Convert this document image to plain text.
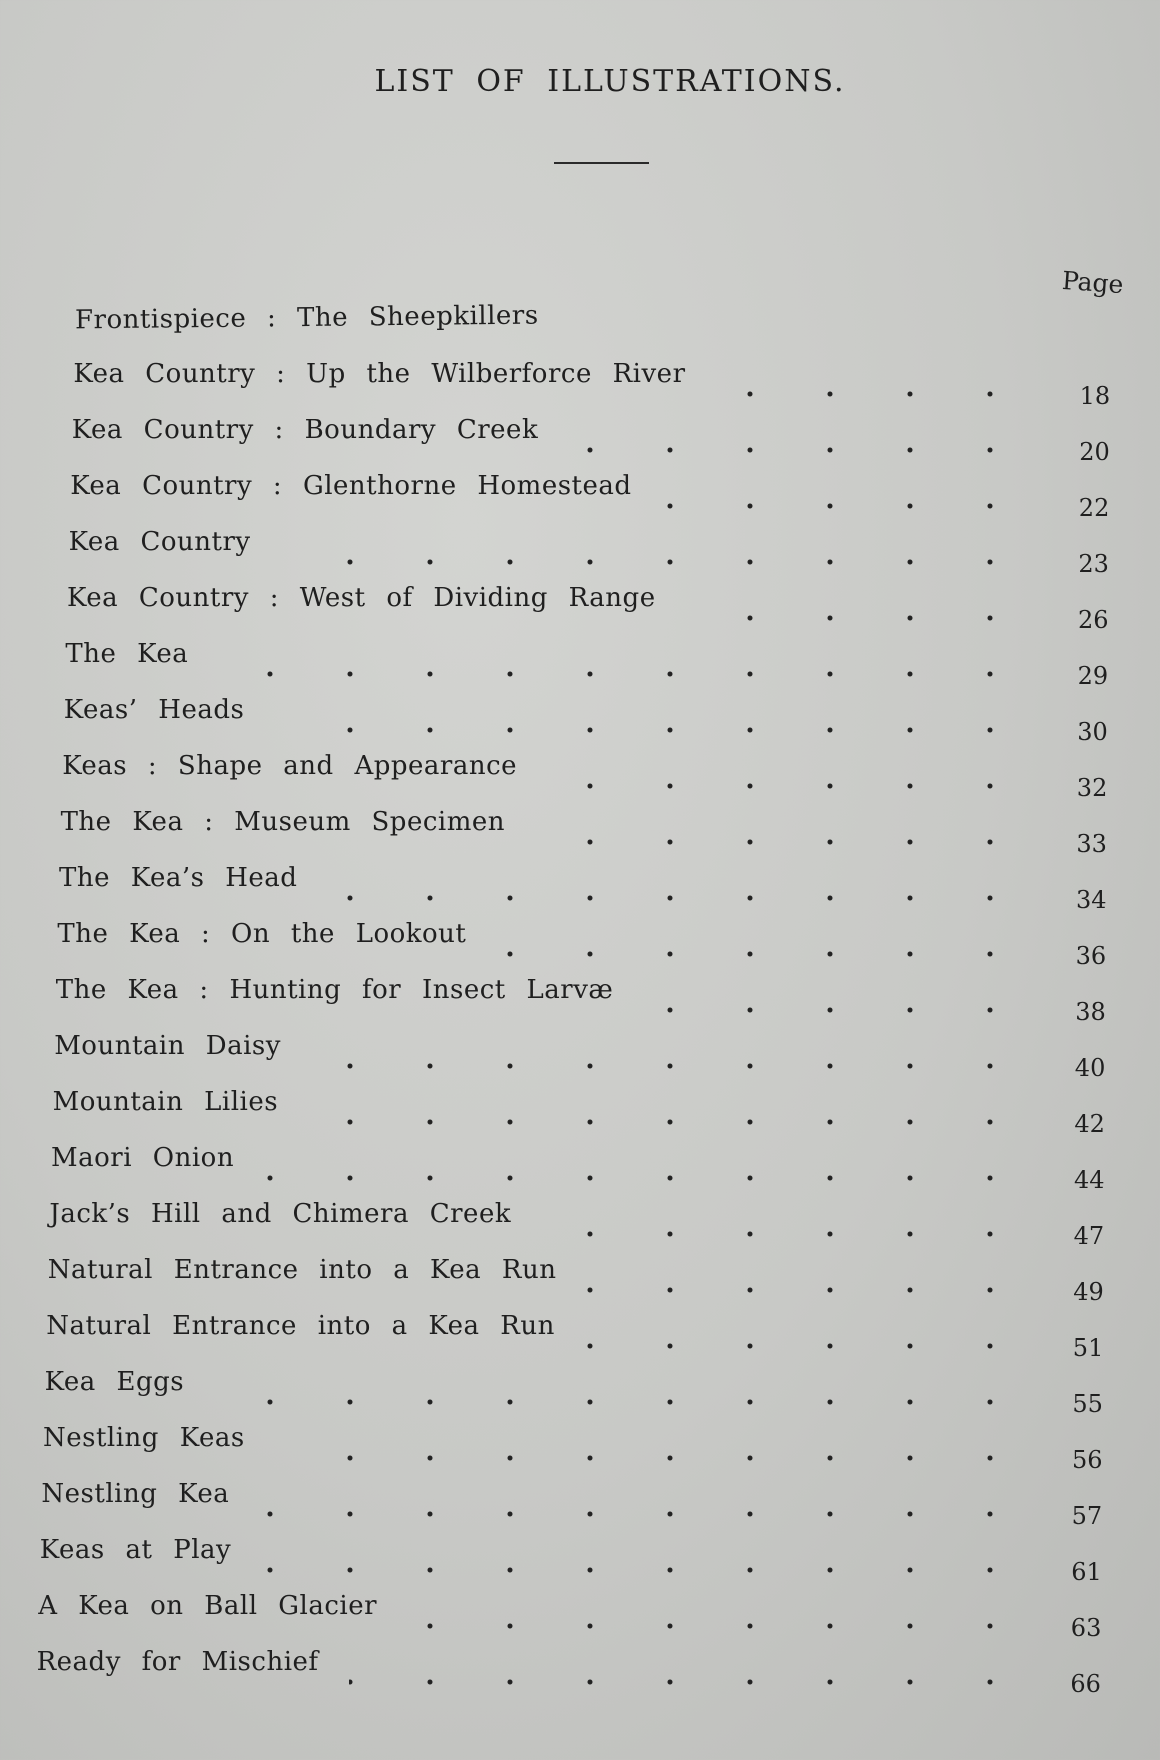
LIST OF ILLUSTRATIONS.
Page
Frontispiece : The Sheepkillers
Kea Country : Up the Wilberforce River
18
Kea Country : Boundary Creek
20
Kea Country : Glenthorne Homestead
22
Kea Country
23
Kea Country : West of Dividing Range
26
The Kea
29
Keas’ Heads
30
Keas : Shape and Appearance
32
The Kea : Museum Specimen
33
The Kea’s Head
34
The Kea : On the Lookout
36
The Kea : Hunting for Insect Larvæ
38
Mountain Daisy
40
Mountain Lilies
42
Maori Onion
44
Jack’s Hill and Chimera Creek
47
Natural Entrance into a Kea Run
49
Natural Entrance into a Kea Run
51
Kea Eggs
55
Nestling Keas
56
Nestling Kea
57
Keas at Play
61
A Kea on Ball Glacier
63
Ready for Mischief
66
